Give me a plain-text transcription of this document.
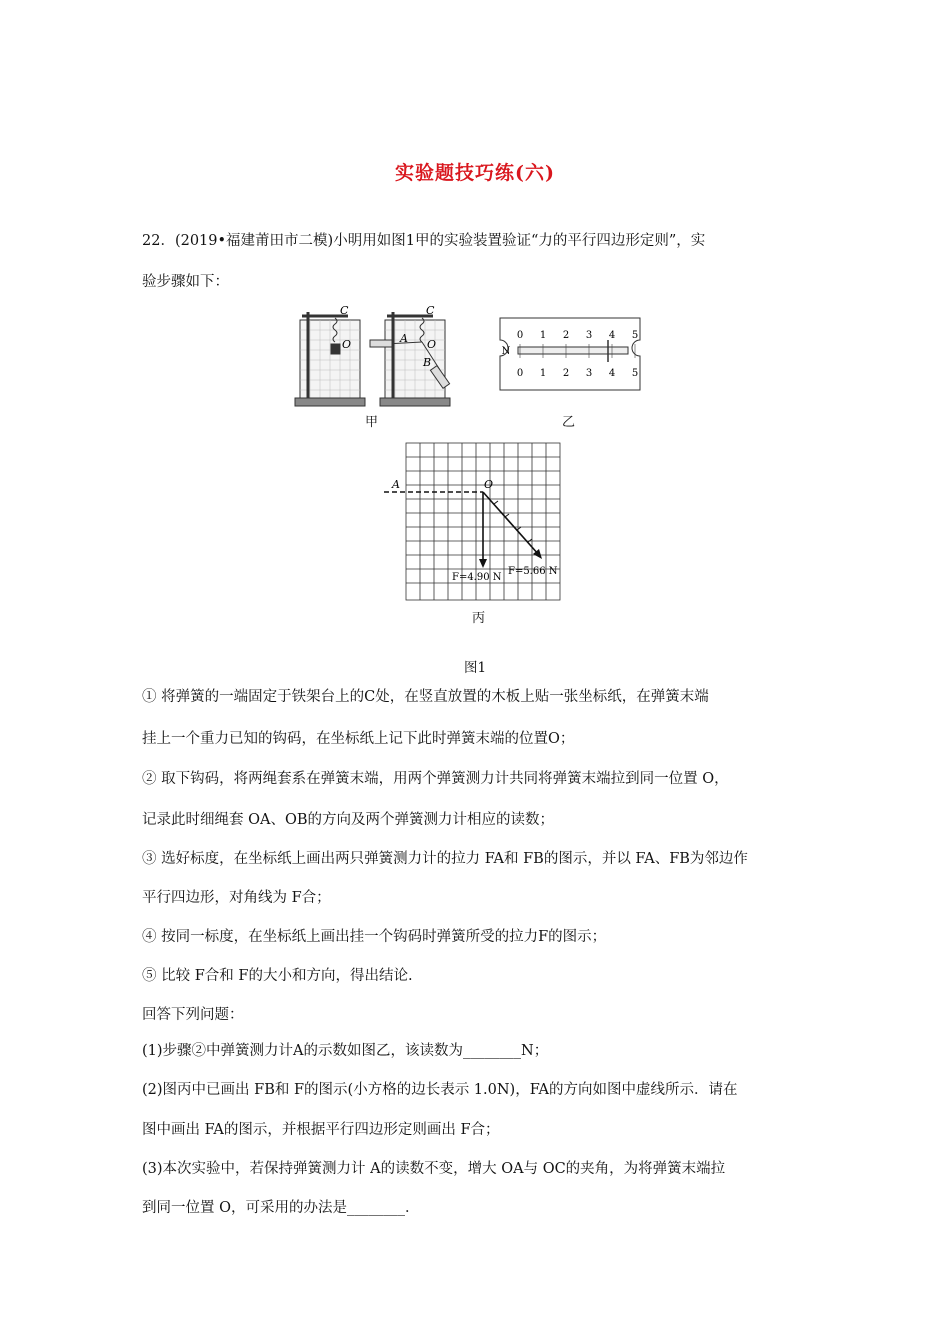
实验题技巧练(六)
22．(2019•福建莆田市二模)小明用如图1甲的实验装置验证“力的平行四边形定则”，实
验步骤如下：
C
O
C
O
A
B
0 1 2 3 4 5
0 1 2 3 4 5
N
甲	乙
A	O
F=4.90 N
F=5.66 N
丙
图1
① 将弹簧的一端固定于铁架台上的C处，在竖直放置的木板上贴一张坐标纸，在弹簧末端
挂上一个重力已知的钩码，在坐标纸上记下此时弹簧末端的位置O；
② 取下钩码，将两绳套系在弹簧末端，用两个弹簧测力计共同将弹簧末端拉到同一位置 O，
记录此时细绳套 OA、OB的方向及两个弹簧测力计相应的读数；
③ 选好标度，在坐标纸上画出两只弹簧测力计的拉力 FA和 FB的图示，并以 FA、FB为邻边作
平行四边形，对角线为 F合；
④ 按同一标度，在坐标纸上画出挂一个钩码时弹簧所受的拉力F的图示；
⑤ 比较 F合和 F的大小和方向，得出结论.
回答下列问题：
(1)步骤②中弹簧测力计A的示数如图乙，该读数为________N；
(2)图丙中已画出 FB和 F的图示(小方格的边长表示 1.0N)，FA的方向如图中虚线所示．请在
图中画出 FA的图示，并根据平行四边形定则画出 F合；
(3)本次实验中，若保持弹簧测力计 A的读数不变，增大 OA与 OC的夹角，为将弹簧末端拉
到同一位置 O，可采用的办法是________．
